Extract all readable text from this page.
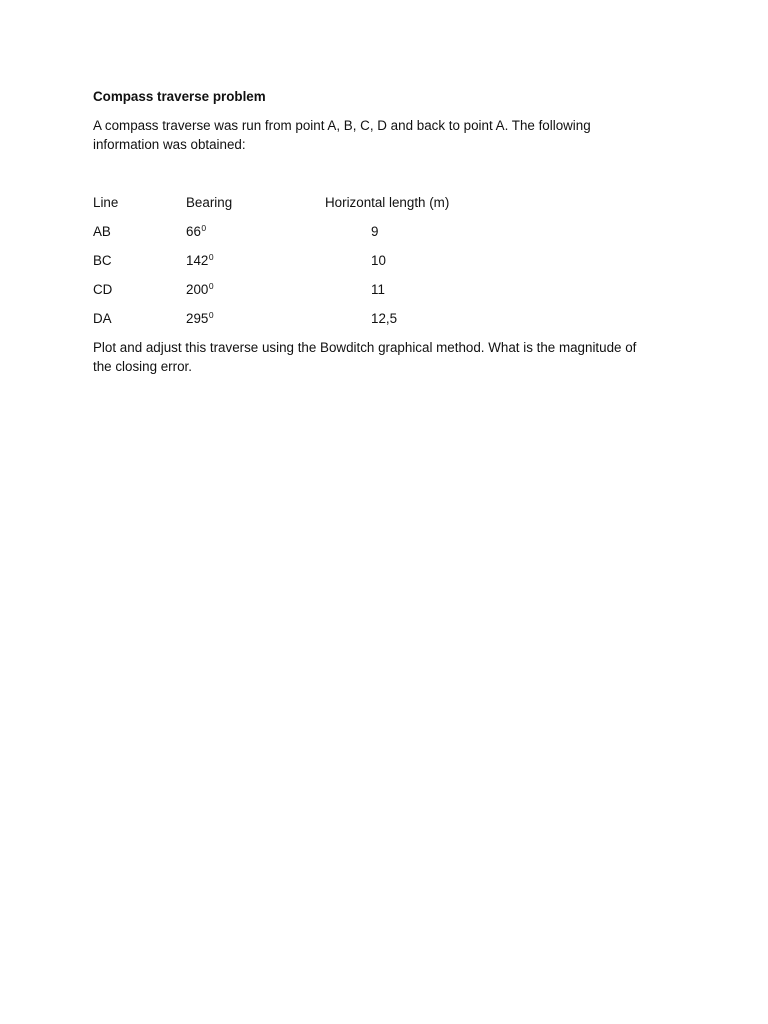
Compass traverse problem

A compass traverse was run from point A, B, C, D and back to point A. The following

information was obtained:

Line	Bearing	Horizontal length (m)
AB	$66^0$	9
BC	$142^0$	10
CD	$200^0$	11
DA	$295^0$	12,5

Plot and adjust this traverse using the Bowditch graphical method. What is the magnitude of

the closing error.
